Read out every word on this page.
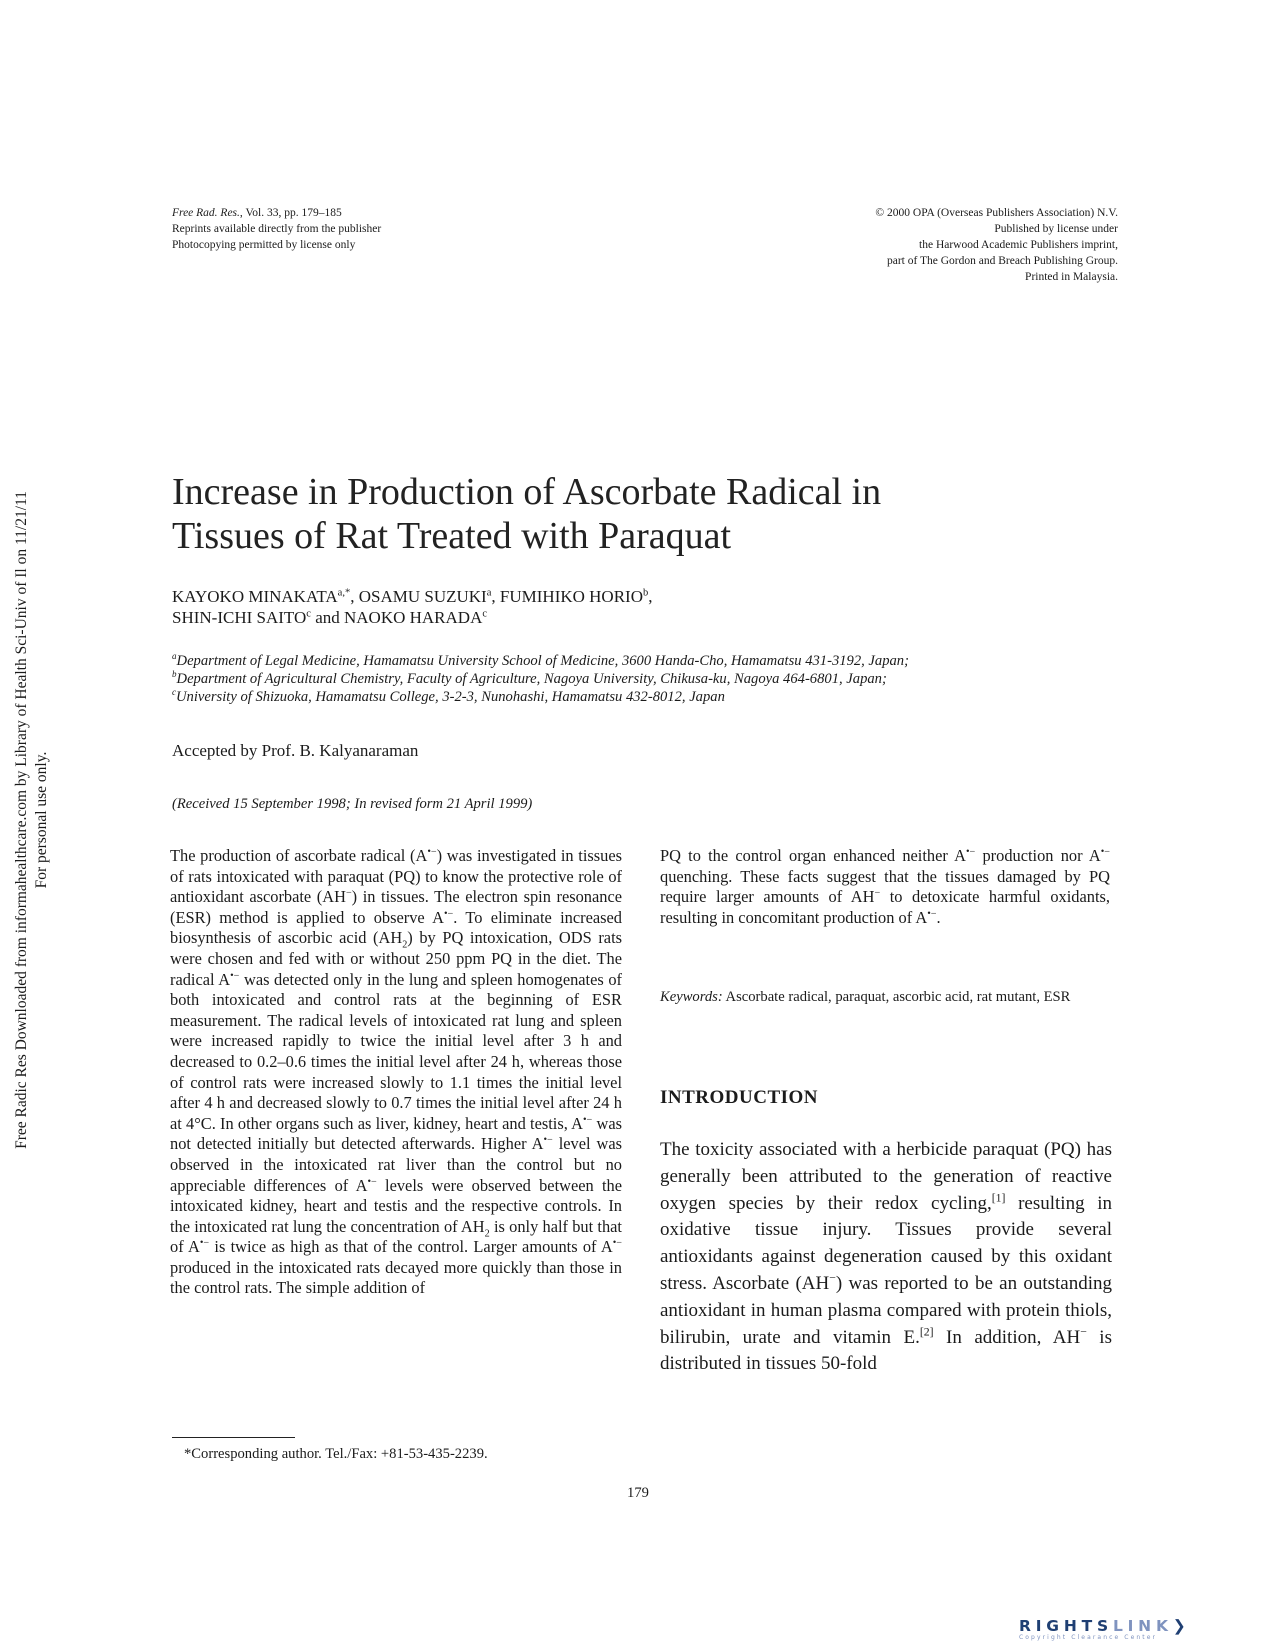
Free Rad. Res., Vol. 33, pp. 179–185
Reprints available directly from the publisher
Photocopying permitted by license only
© 2000 OPA (Overseas Publishers Association) N.V.
Published by license under
the Harwood Academic Publishers imprint,
part of The Gordon and Breach Publishing Group.
Printed in Malaysia.
Free Radic Res Downloaded from informahealthcare.com by Library of Health Sci-Univ of Il on 11/21/11 For personal use only.
Increase in Production of Ascorbate Radical in
Tissues of Rat Treated with Paraquat
KAYOKO $MINAKATA^{a,*}$, OSAMU SUZUKI$^a$, FUMIHIKO HORIO$^b$,
SHIN-ICHI SAITO$^c$ and NAOKO HARADA$^c$
$^a$Department of Legal Medicine, Hamamatsu University School of Medicine, 3600 Handa-Cho, Hamamatsu 431-3192, Japan;
$^b$Department of Agricultural Chemistry, Faculty of Agriculture, Nagoya University, Chikusa-ku, Nagoya 464-6801, Japan;
$^c$University of Shizuoka, Hamamatsu College, 3-2-3, Nunohashi, Hamamatsu 432-8012, Japan
Accepted by Prof. B. Kalyanaraman
(Received 15 September 1998; In revised form 21 April 1999)
The production of ascorbate radical (A•−) was investigated in tissues of rats intoxicated with paraquat (PQ) to know the protective role of antioxidant ascorbate (AH−) in tissues. The electron spin resonance (ESR) method is applied to observe A•−. To eliminate increased biosynthesis of ascorbic acid $(AH_2)$ by PQ intoxication, ODS rats were chosen and fed with or without 250 ppm PQ in the diet. The radical A•− was detected only in the lung and spleen homogenates of both intoxicated and control rats at the beginning of ESR measurement. The radical levels of intoxicated rat lung and spleen were increased rapidly to twice the initial level after 3 h and decreased to 0.2–0.6 times the initial level after 24 h, whereas those of control rats were increased slowly to 1.1 times the initial level after 4 h and decreased slowly to 0.7 times the initial level after 24 h at 4°C. In other organs such as liver, kidney, heart and testis, A•− was not detected initially but detected afterwards. Higher A•− level was observed in the intoxicated rat liver than the control but no appreciable differences of A•− levels were observed between the intoxicated kidney, heart and testis and the respective controls. In the intoxicated rat lung the concentration of $AH_2$ is only half but that of A•− is twice as high as that of the control. Larger amounts of A•− produced in the intoxicated rats decayed more quickly than those in the control rats. The simple addition of
PQ to the control organ enhanced neither A•− production nor A•− quenching. These facts suggest that the tissues damaged by PQ require larger amounts of AH− to detoxicate harmful oxidants, resulting in concomitant production of A•−.
Keywords: Ascorbate radical, paraquat, ascorbic acid, rat mutant, ESR
INTRODUCTION
The toxicity associated with a herbicide paraquat (PQ) has generally been attributed to the generation of reactive oxygen species by their redox cycling,[1] resulting in oxidative tissue injury. Tissues provide several antioxidants against degeneration caused by this oxidant stress. Ascorbate (AH−) was reported to be an outstanding antioxidant in human plasma compared with protein thiols, bilirubin, urate and vitamin E.[2] In addition, AH− is distributed in tissues 50-fold
*Corresponding author. Tel./Fax: +81-53-435-2239.
179
RIGHTSLINK❯
Copyright Clearance Center
